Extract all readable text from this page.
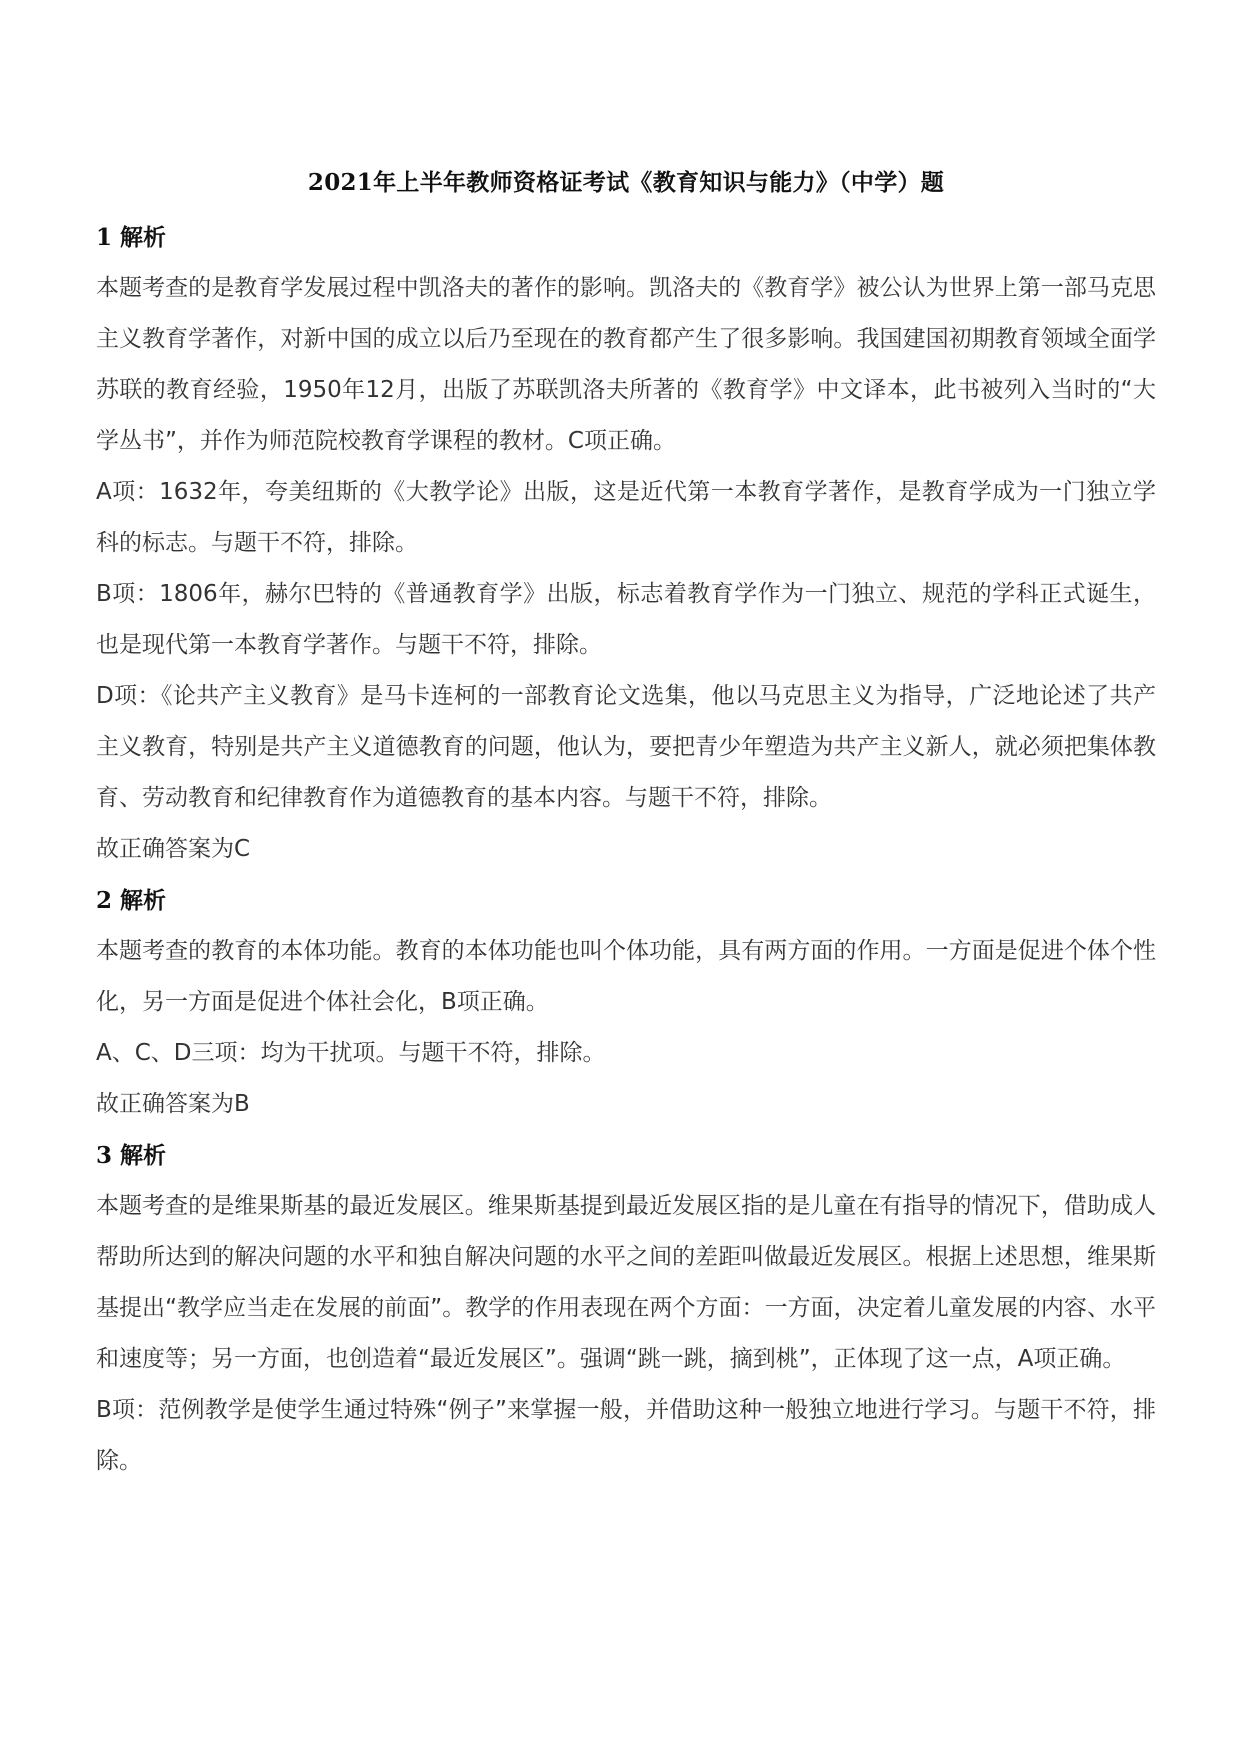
2021年上半年教师资格证考试《教育知识与能力》（中学）题
1 解析

本题考查的是教育学发展过程中凯洛夫的著作的影响。凯洛夫的《教育学》被公认为世界上第一部马克思主义教育学著作，对新中国的成立以后乃至现在的教育都产生了很多影响。我国建国初期教育领域全面学苏联的教育经验，1950年12月，出版了苏联凯洛夫所著的《教育学》中文译本，此书被列入当时的“大学丛书”，并作为师范院校教育学课程的教材。C项正确。

A项：1632年，夸美纽斯的《大教学论》出版，这是近代第一本教育学著作，是教育学成为一门独立学科的标志。与题干不符，排除。

B项：1806年，赫尔巴特的《普通教育学》出版，标志着教育学作为一门独立、规范的学科正式诞生，也是现代第一本教育学著作。与题干不符，排除。

D项：《论共产主义教育》是马卡连柯的一部教育论文选集，他以马克思主义为指导，广泛地论述了共产主义教育，特别是共产主义道德教育的问题，他认为，要把青少年塑造为共产主义新人，就必须把集体教育、劳动教育和纪律教育作为道德教育的基本内容。与题干不符，排除。

故正确答案为C

2 解析

本题考查的教育的本体功能。教育的本体功能也叫个体功能，具有两方面的作用。一方面是促进个体个性化，另一方面是促进个体社会化，B项正确。

A、C、D三项：均为干扰项。与题干不符，排除。

故正确答案为B

3 解析

本题考查的是维果斯基的最近发展区。维果斯基提到最近发展区指的是儿童在有指导的情况下，借助成人帮助所达到的解决问题的水平和独自解决问题的水平之间的差距叫做最近发展区。根据上述思想，维果斯基提出“教学应当走在发展的前面”。教学的作用表现在两个方面：一方面，决定着儿童发展的内容、水平和速度等；另一方面，也创造着“最近发展区”。强调“跳一跳，摘到桃”，正体现了这一点，A项正确。

B项：范例教学是使学生通过特殊“例子”来掌握一般，并借助这种一般独立地进行学习。与题干不符，排除。
